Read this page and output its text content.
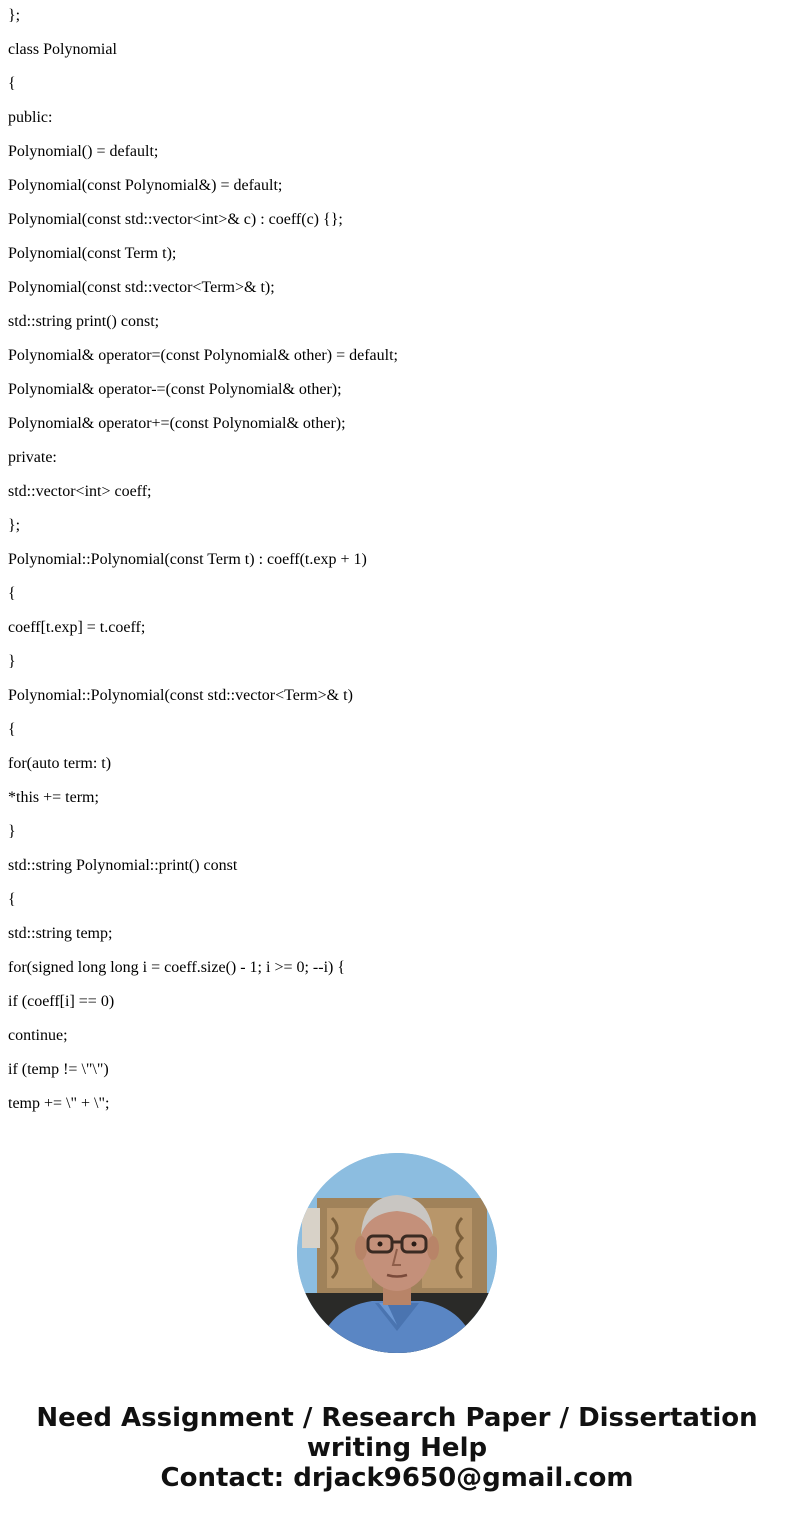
};
class Polynomial
{
public:
Polynomial() = default;
Polynomial(const Polynomial&) = default;
Polynomial(const std::vector<int>& c) : coeff(c) {};
Polynomial(const Term t);
Polynomial(const std::vector<Term>& t);
std::string print() const;
Polynomial& operator=(const Polynomial& other) = default;
Polynomial& operator-=(const Polynomial& other);
Polynomial& operator+=(const Polynomial& other);
private:
std::vector<int> coeff;
};
Polynomial::Polynomial(const Term t) : coeff(t.exp + 1)
{
coeff[t.exp] = t.coeff;
}
Polynomial::Polynomial(const std::vector<Term>& t)
{
for(auto term: t)
*this += term;
}
std::string Polynomial::print() const
{
std::string temp;
for(signed long long i = coeff.size() - 1; i >= 0; --i) {
if (coeff[i] == 0)
continue;
if (temp != \"\")
temp += \" + \";
Need Assignment / Research Paper / Dissertation
writing Help
Contact: drjack9650@gmail.com
